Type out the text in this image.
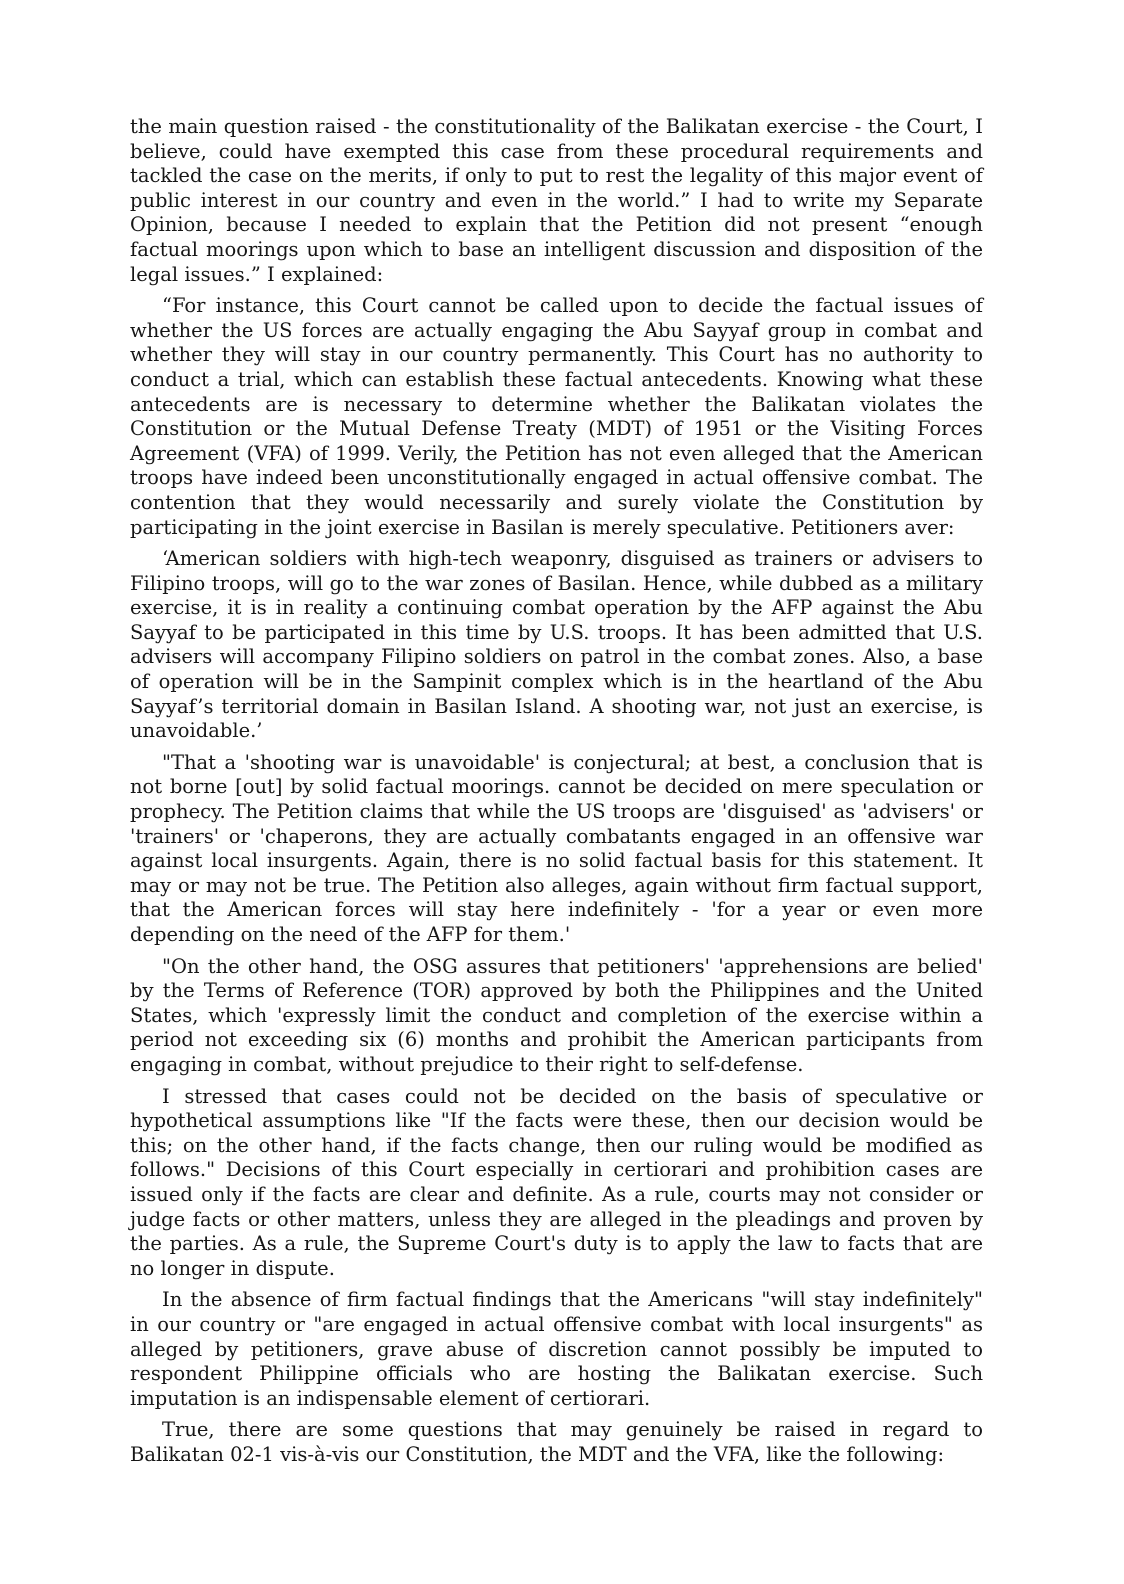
the main question raised - the constitutionality of the Balikatan exercise - the Court, I believe, could have exempted this case from these procedural requirements and tackled the case on the merits, if only to put to rest the legality of this major event of public interest in our country and even in the world.” I had to write my Separate Opinion, because I needed to explain that the Petition did not present “enough factual moorings upon which to base an intelligent discussion and disposition of the legal issues.” I explained:

“For instance, this Court cannot be called upon to decide the factual issues of whether the US forces are actually engaging the Abu Sayyaf group in combat and whether they will stay in our country permanently. This Court has no authority to conduct a trial, which can establish these factual antecedents. Knowing what these antecedents are is necessary to determine whether the Balikatan violates the Constitution or the Mutual Defense Treaty (MDT) of 1951 or the Visiting Forces Agreement (VFA) of 1999. Verily, the Petition has not even alleged that the American troops have indeed been unconstitutionally engaged in actual offensive combat. The contention that they would necessarily and surely violate the Constitution by participating in the joint exercise in Basilan is merely speculative. Petitioners aver:

‘American soldiers with high-tech weaponry, disguised as trainers or advisers to Filipino troops, will go to the war zones of Basilan. Hence, while dubbed as a military exercise, it is in reality a continuing combat operation by the AFP against the Abu Sayyaf to be participated in this time by U.S. troops. It has been admitted that U.S. advisers will accompany Filipino soldiers on patrol in the combat zones. Also, a base of operation will be in the Sampinit complex which is in the heartland of the Abu Sayyaf’s territorial domain in Basilan Island. A shooting war, not just an exercise, is unavoidable.’

"That a 'shooting war is unavoidable' is conjectural; at best, a conclusion that is not borne [out] by solid factual moorings. cannot be decided on mere speculation or prophecy. The Petition claims that while the US troops are 'disguised' as 'advisers' or 'trainers' or 'chaperons, they are actually combatants engaged in an offensive war against local insurgents. Again, there is no solid factual basis for this statement. It may or may not be true. The Petition also alleges, again without firm factual support, that the American forces will stay here indefinitely - 'for a year or even more depending on the need of the AFP for them.'

"On the other hand, the OSG assures that petitioners' 'apprehensions are belied' by the Terms of Reference (TOR) approved by both the Philippines and the United States, which 'expressly limit the conduct and completion of the exercise within a period not exceeding six (6) months and prohibit the American participants from engaging in combat, without prejudice to their right to self-defense.

I stressed that cases could not be decided on the basis of speculative or hypothetical assumptions like "If the facts were these, then our decision would be this; on the other hand, if the facts change, then our ruling would be modified as follows." Decisions of this Court especially in certiorari and prohibition cases are issued only if the facts are clear and definite. As a rule, courts may not consider or judge facts or other matters, unless they are alleged in the pleadings and proven by the parties. As a rule, the Supreme Court's duty is to apply the law to facts that are no longer in dispute.

In the absence of firm factual findings that the Americans "will stay indefinitely" in our country or "are engaged in actual offensive combat with local insurgents" as alleged by petitioners, grave abuse of discretion cannot possibly be imputed to respondent Philippine officials who are hosting the Balikatan exercise. Such imputation is an indispensable element of certiorari.

True, there are some questions that may genuinely be raised in regard to Balikatan 02-1 vis-à-vis our Constitution, the MDT and the VFA, like the following:
